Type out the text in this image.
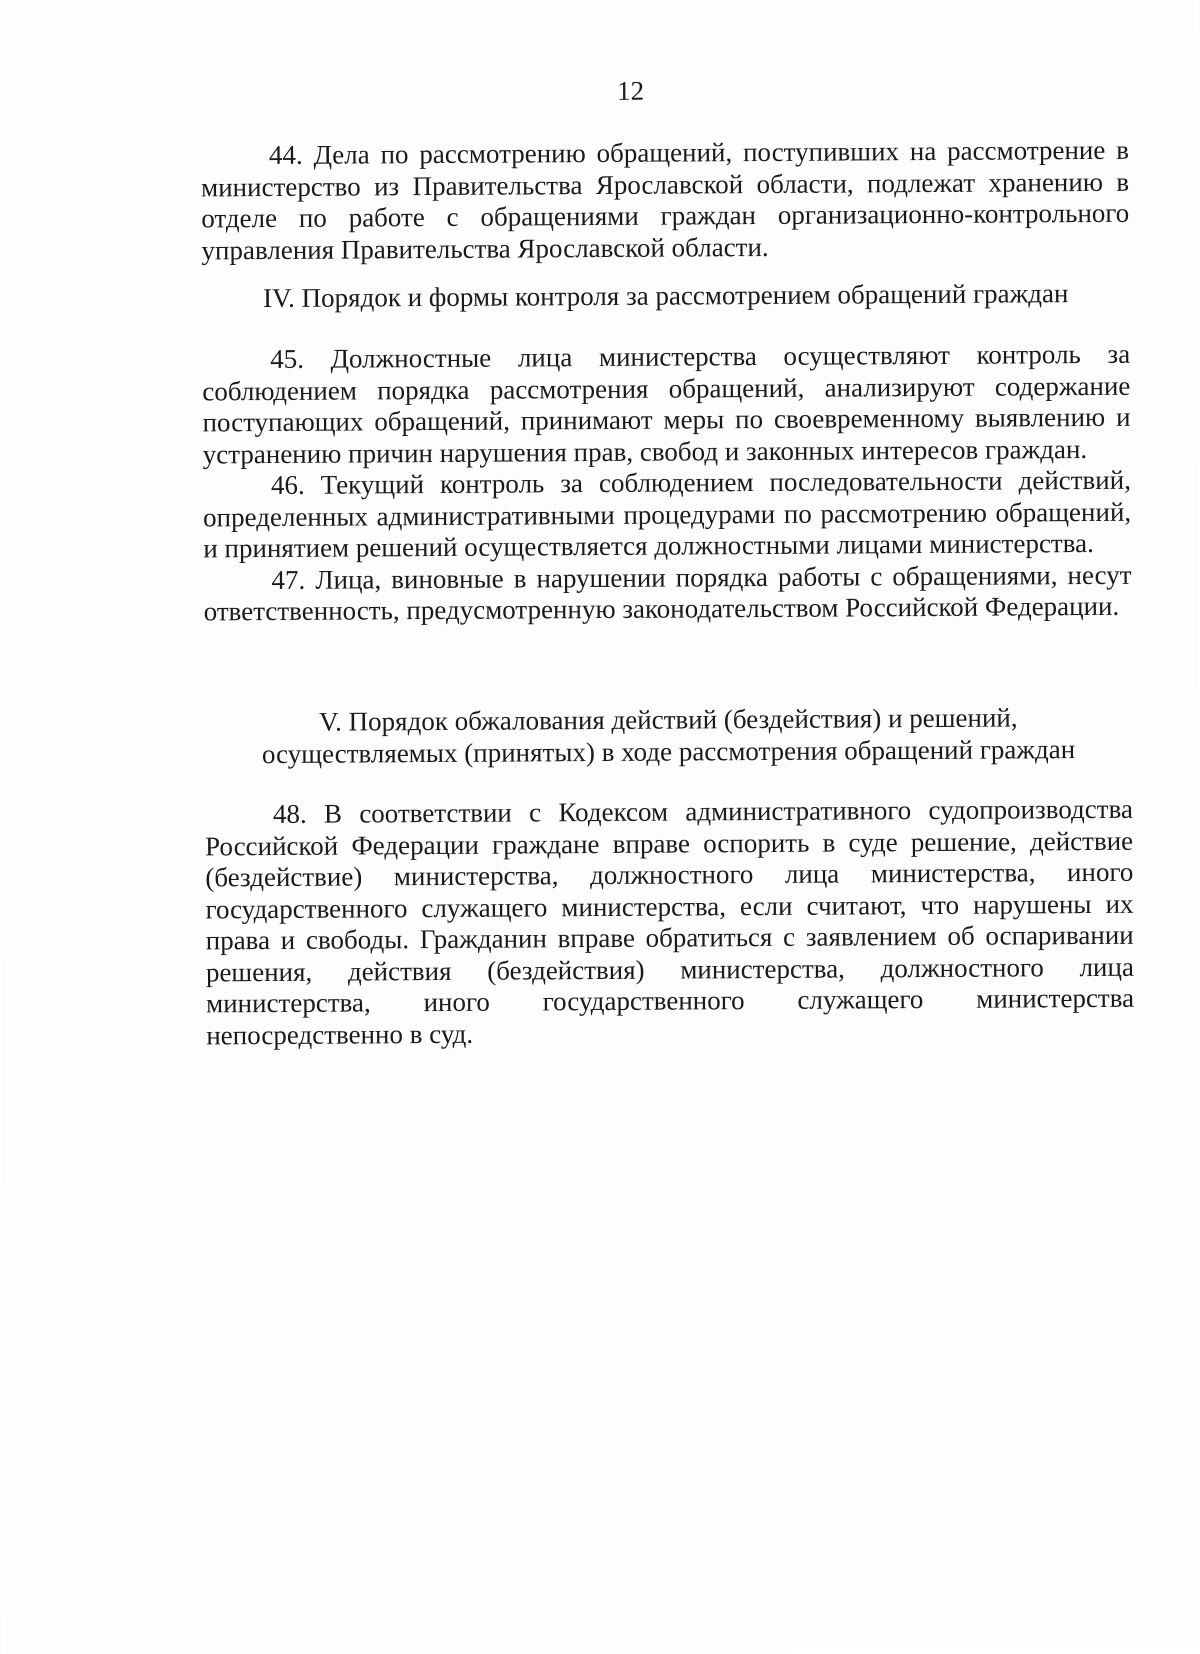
12

44. Дела по рассмотрению обращений, поступивших на рассмотрение в министерство из Правительства Ярославской области, подлежат хранению в отделе по работе с обращениями граждан организационно-контрольного управления Правительства Ярославской области.

IV. Порядок и формы контроля за рассмотрением обращений граждан

45. Должностные лица министерства осуществляют контроль за соблюдением порядка рассмотрения обращений, анализируют содержание поступающих обращений, принимают меры по своевременному выявлению и устранению причин нарушения прав, свобод и законных интересов граждан.

46. Текущий контроль за соблюдением последовательности действий, определенных административными процедурами по рассмотрению обращений, и принятием решений осуществляется должностными лицами министерства.

47. Лица, виновные в нарушении порядка работы с обращениями, несут ответственность, предусмотренную законодательством Российской Федерации.

V. Порядок обжалования действий (бездействия) и решений,

осуществляемых (принятых) в ходе рассмотрения обращений граждан

48. В соответствии с Кодексом административного судопроизводства Российской Федерации граждане вправе оспорить в суде решение, действие (бездействие) министерства, должностного лица министерства, иного государственного служащего министерства, если считают, что нарушены их права и свободы. Гражданин вправе обратиться с заявлением об оспаривании решения, действия (бездействия) министерства, должностного лица министерства, иного государственного служащего министерства непосредственно в суд.
